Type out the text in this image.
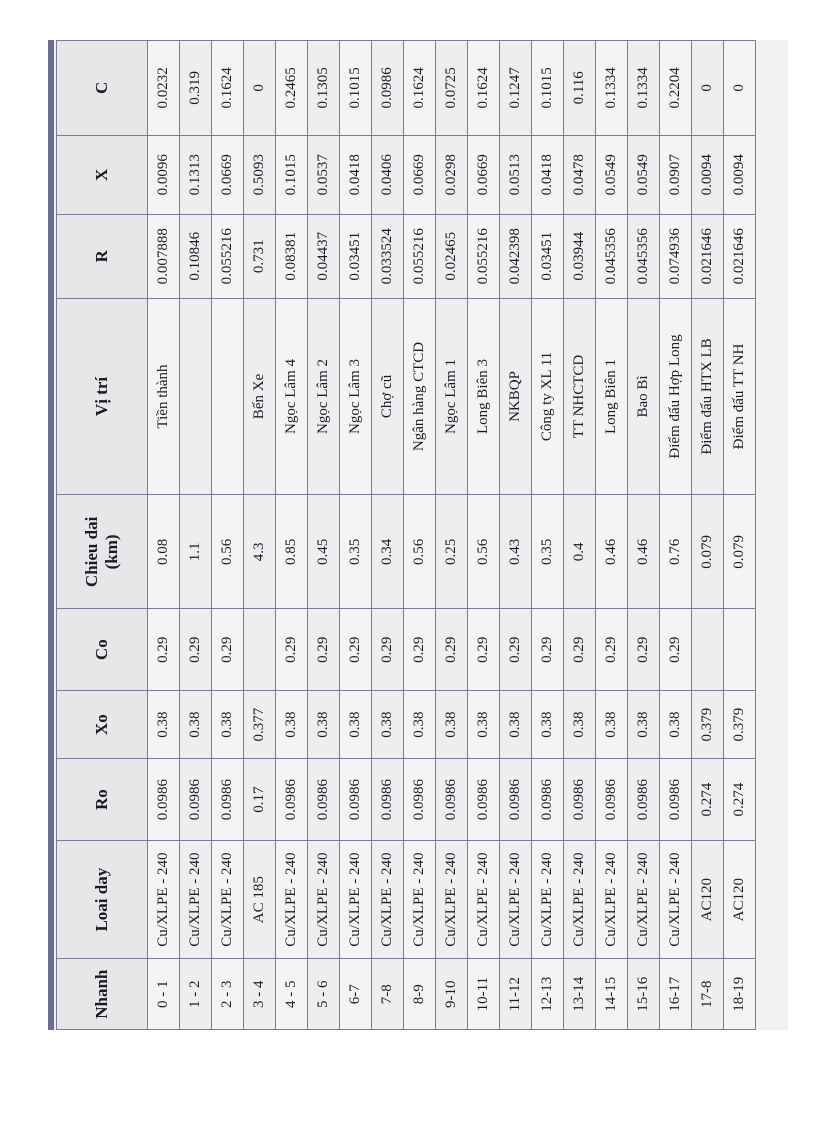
Nhanh	Loai day	Ro	Xo	Co	Chieu dai (km)	Vị trí	R	X	C
0 - 1	Cu/XLPE - 240	0.0986	0.38	0.29	0.08	Tiền thành	0.007888	0.0096	0.0232
1 - 2	Cu/XLPE - 240	0.0986	0.38	0.29	1.1		0.10846	0.1313	0.319
2 - 3	Cu/XLPE - 240	0.0986	0.38	0.29	0.56		0.055216	0.0669	0.1624
3 - 4	AC 185	0.17	0.377		4.3	Bến Xe	0.731	0.5093	0
4 - 5	Cu/XLPE - 240	0.0986	0.38	0.29	0.85	Ngọc Lâm 4	0.08381	0.1015	0.2465
5 - 6	Cu/XLPE - 240	0.0986	0.38	0.29	0.45	Ngọc Lâm 2	0.04437	0.0537	0.1305
6-7	Cu/XLPE - 240	0.0986	0.38	0.29	0.35	Ngọc Lâm 3	0.03451	0.0418	0.1015
7-8	Cu/XLPE - 240	0.0986	0.38	0.29	0.34	Chợ cũ	0.033524	0.0406	0.0986
8-9	Cu/XLPE - 240	0.0986	0.38	0.29	0.56	Ngân hàng CTCD	0.055216	0.0669	0.1624
9-10	Cu/XLPE - 240	0.0986	0.38	0.29	0.25	Ngọc Lâm 1	0.02465	0.0298	0.0725
10-11	Cu/XLPE - 240	0.0986	0.38	0.29	0.56	Long Biên 3	0.055216	0.0669	0.1624
11-12	Cu/XLPE - 240	0.0986	0.38	0.29	0.43	NKBQP	0.042398	0.0513	0.1247
12-13	Cu/XLPE - 240	0.0986	0.38	0.29	0.35	Công ty XL 11	0.03451	0.0418	0.1015
13-14	Cu/XLPE - 240	0.0986	0.38	0.29	0.4	TT NHCTCD	0.03944	0.0478	0.116
14-15	Cu/XLPE - 240	0.0986	0.38	0.29	0.46	Long Biên 1	0.045356	0.0549	0.1334
15-16	Cu/XLPE - 240	0.0986	0.38	0.29	0.46	Bao Bì	0.045356	0.0549	0.1334
16-17	Cu/XLPE - 240	0.0986	0.38	0.29	0.76	Điểm đấu Hợp Long	0.074936	0.0907	0.2204
17-8	AC120	0.274	0.379		0.079	Điểm đấu HTX LB	0.021646	0.0094	0
18-19	AC120	0.274	0.379		0.079	Điểm đấu TT NH	0.021646	0.0094	0
